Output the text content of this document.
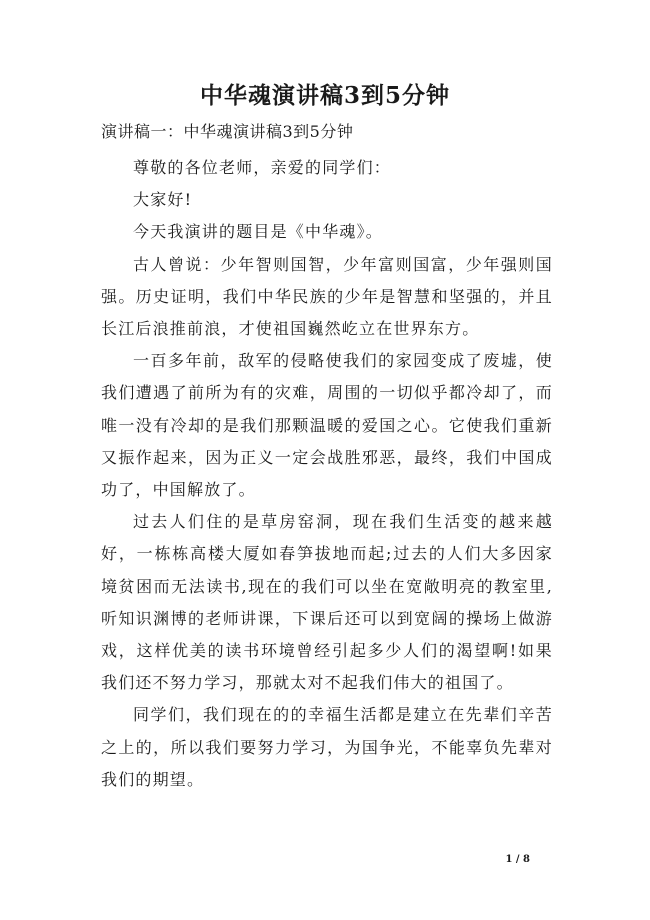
中华魂演讲稿3到5分钟
演讲稿一：中华魂演讲稿3到5分钟

尊敬的各位老师，亲爱的同学们：

大家好!

今天我演讲的题目是《中华魂》。

古人曾说：少年智则国智，少年富则国富，少年强则国强。历史证明，我们中华民族的少年是智慧和坚强的，并且长江后浪推前浪，才使祖国巍然屹立在世界东方。

一百多年前，敌军的侵略使我们的家园变成了废墟，使我们遭遇了前所为有的灾难，周围的一切似乎都冷却了，而唯一没有冷却的是我们那颗温暖的爱国之心。它使我们重新又振作起来，因为正义一定会战胜邪恶，最终，我们中国成功了，中国解放了。

过去人们住的是草房窑洞，现在我们生活变的越来越好，一栋栋高楼大厦如春笋拔地而起;过去的人们大多因家境贫困而无法读书,现在的我们可以坐在宽敞明亮的教室里,听知识渊博的老师讲课，下课后还可以到宽阔的操场上做游戏，这样优美的读书环境曾经引起多少人们的渴望啊!如果我们还不努力学习，那就太对不起我们伟大的祖国了。

同学们，我们现在的的幸福生活都是建立在先辈们辛苦之上的，所以我们要努力学习，为国争光，不能辜负先辈对我们的期望。

1 / 8
